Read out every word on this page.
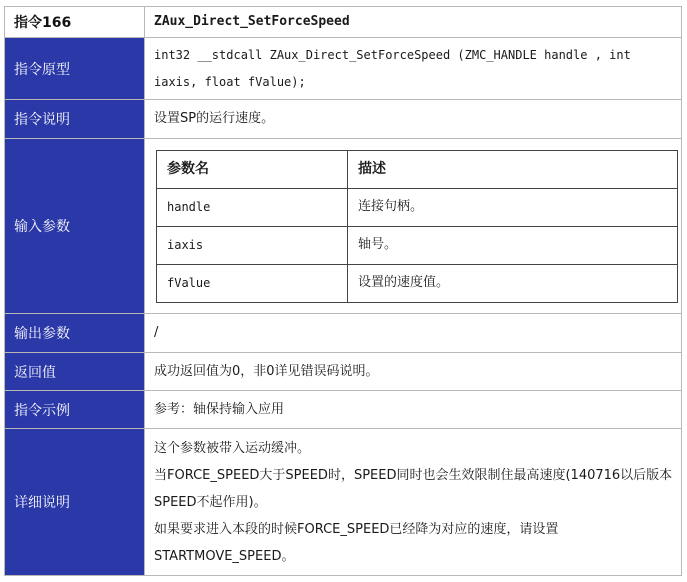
指令166	ZAux_Direct_SetForceSpeed
指令原型	int32 __stdcall ZAux_Direct_SetForceSpeed (ZMC_HANDLE handle , int iaxis, float fValue);
指令说明	设置SP的运行速度。
输入参数	
参数名	描述
handle	连接句柄。
iaxis	轴号。
fValue	设置的速度值。

输出参数	/
返回值	成功返回值为0，非0详见错误码说明。
指令示例	参考：轴保持输入应用
详细说明	

这个参数被带入运动缓冲。

当FORCE_SPEED大于SPEED时，SPEED同时也会生效限制住最高速度(140716以后版本SPEED不起作用)。

如果要求进入本段的时候FORCE_SPEED已经降为对应的速度，请设置STARTMOVE_SPEED。
